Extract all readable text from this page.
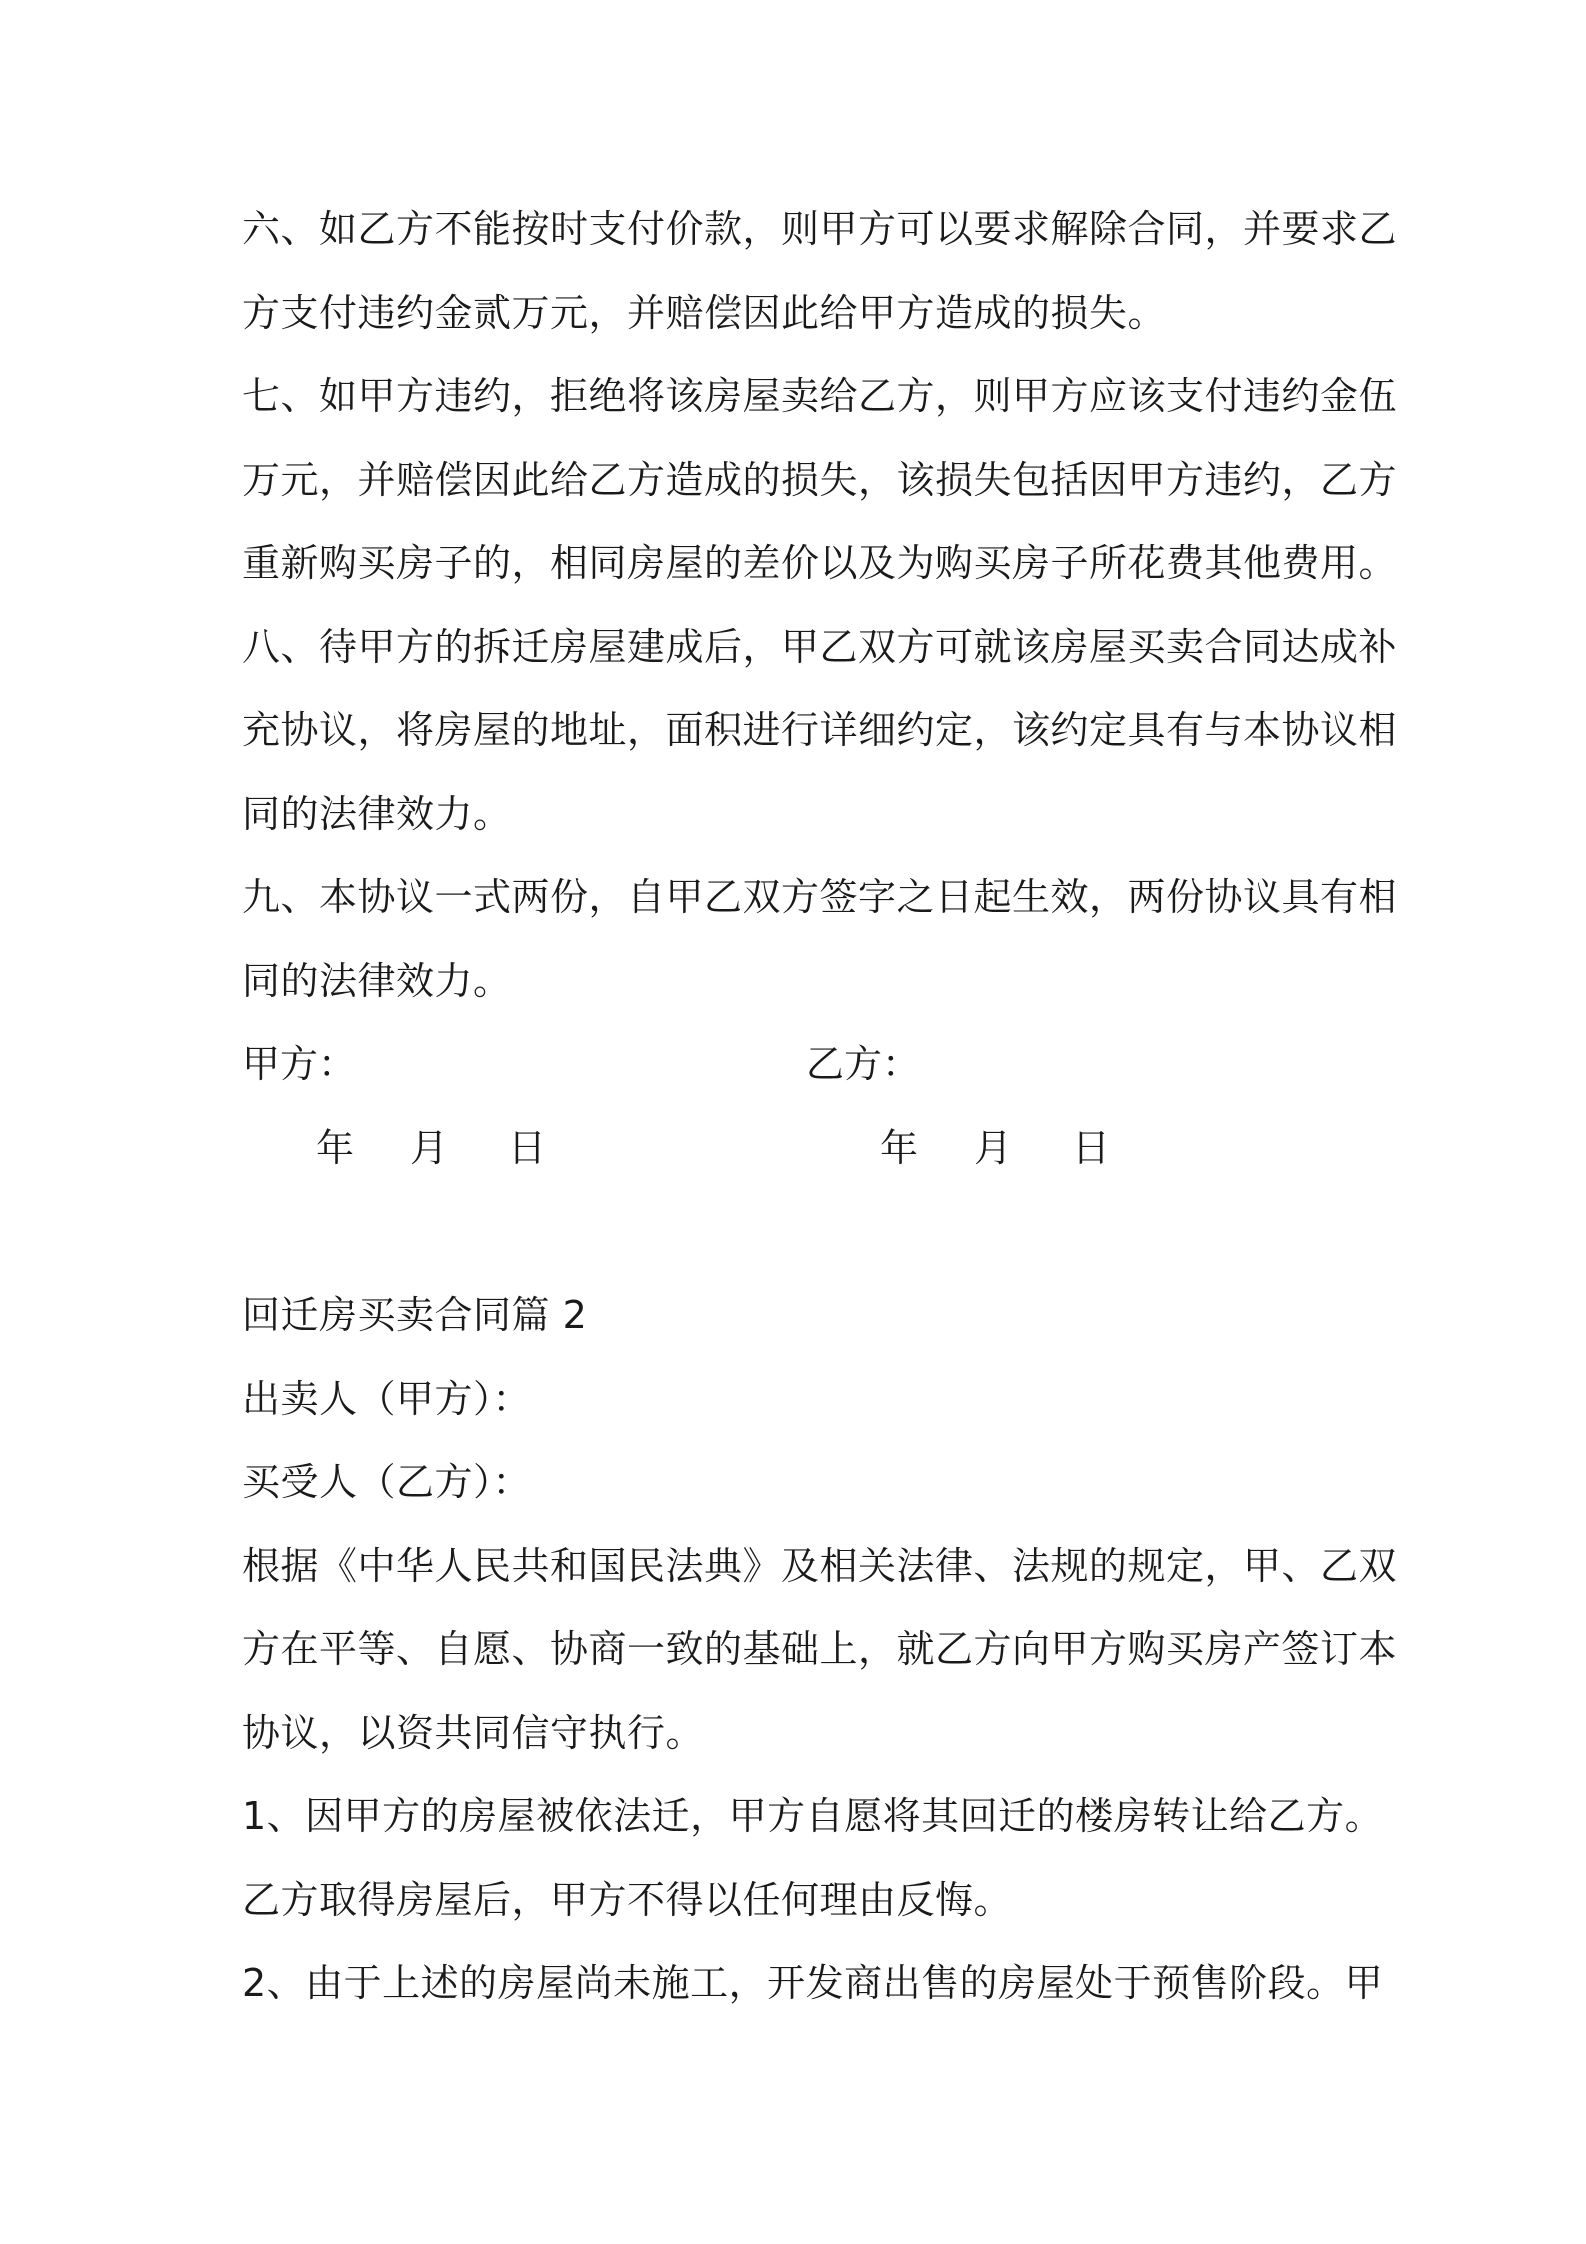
六、如乙方不能按时支付价款，则甲方可以要求解除合同，并要求乙
方支付违约金贰万元，并赔偿因此给甲方造成的损失。
七、如甲方违约，拒绝将该房屋卖给乙方，则甲方应该支付违约金伍
万元，并赔偿因此给乙方造成的损失，该损失包括因甲方违约，乙方
重新购买房子的，相同房屋的差价以及为购买房子所花费其他费用。
八、待甲方的拆迁房屋建成后，甲乙双方可就该房屋买卖合同达成补
充协议，将房屋的地址，面积进行详细约定，该约定具有与本协议相
同的法律效力。
九、本协议一式两份，自甲乙双方签字之日起生效，两份协议具有相
同的法律效力。
甲方：	乙方：
年 月 日	年 月 日
回迁房买卖合同篇 2
出卖人（甲方）：
买受人（乙方）：
根据《中华人民共和国民法典》及相关法律、法规的规定，甲、乙双
方在平等、自愿、协商一致的基础上，就乙方向甲方购买房产签订本
协议，以资共同信守执行。
1、因甲方的房屋被依法迁，甲方自愿将其回迁的楼房转让给乙方。
乙方取得房屋后，甲方不得以任何理由反悔。
2、由于上述的房屋尚未施工，开发商出售的房屋处于预售阶段。甲
